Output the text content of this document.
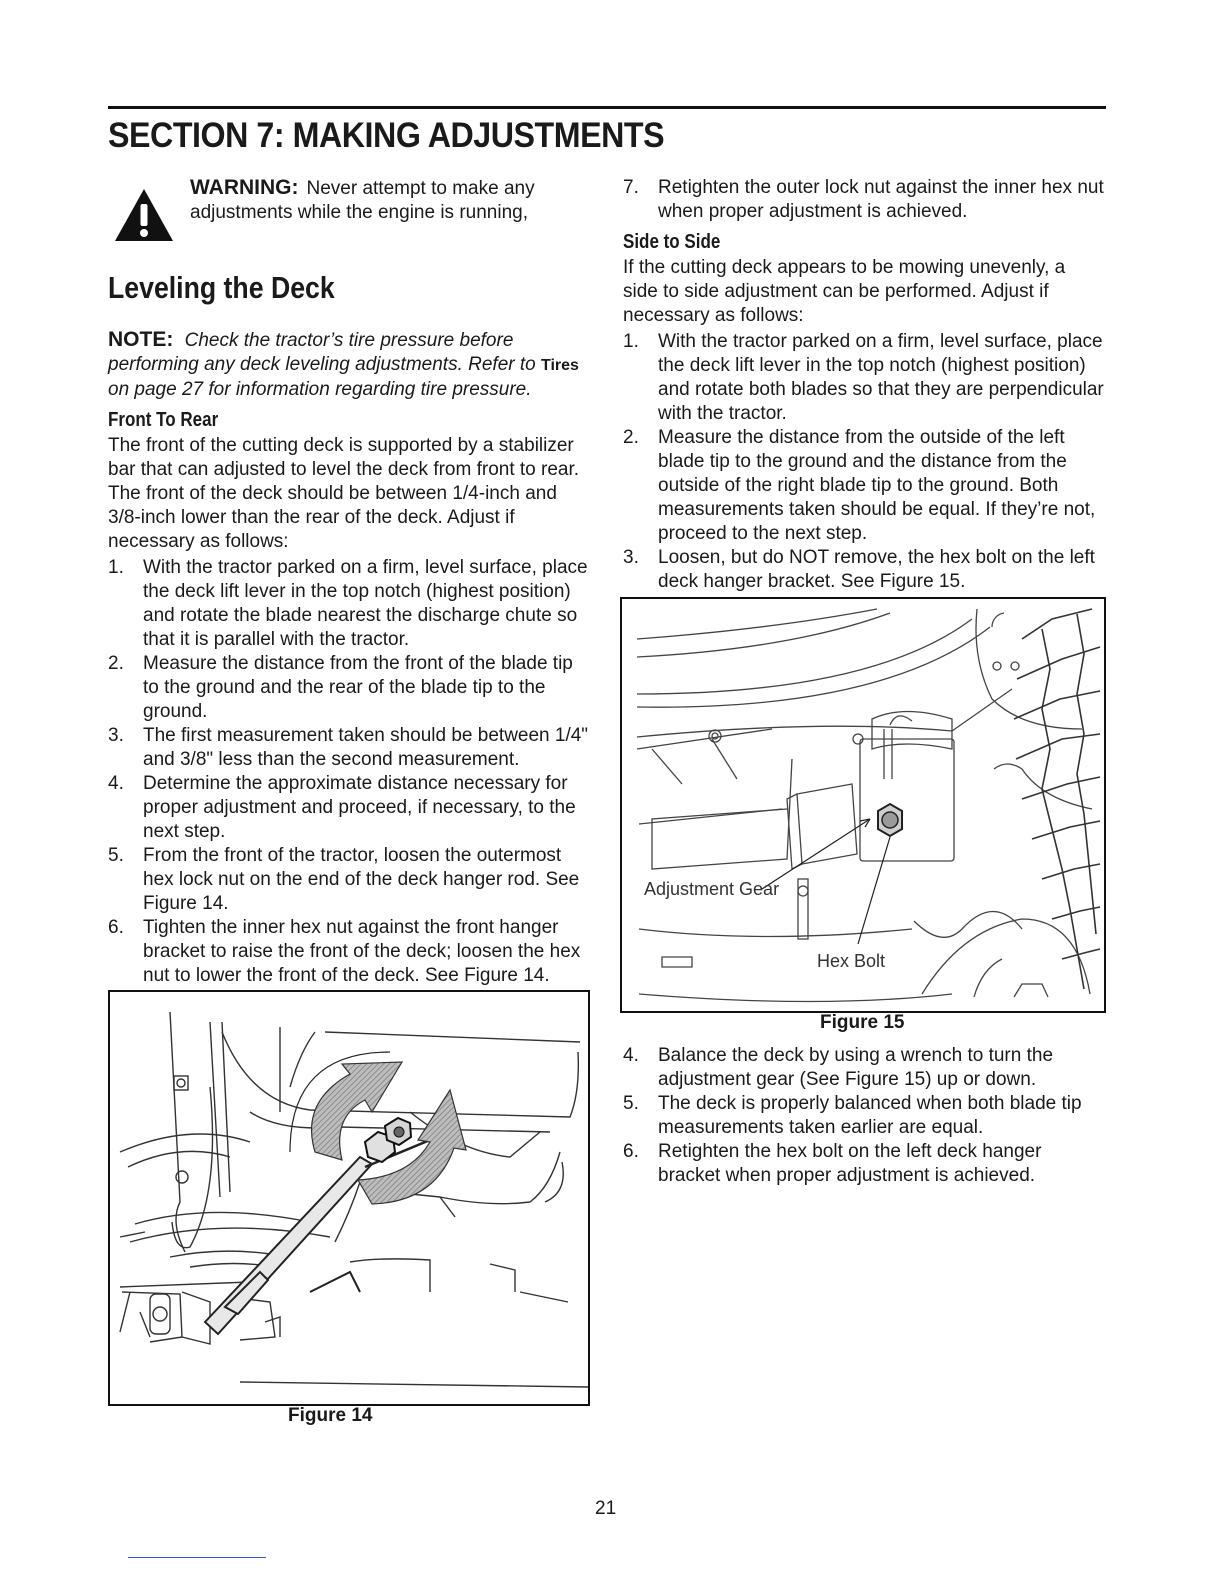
SECTION 7: MAKING ADJUSTMENTS
WARNING: Never attempt to make any adjustments while the engine is running,
Leveling the Deck
NOTE: Check the tractor’s tire pressure before performing any deck leveling adjustments. Refer to Tires on page 27 for information regarding tire pressure.
Front To Rear

The front of the cutting deck is supported by a stabilizer bar that can adjusted to level the deck from front to rear. The front of the deck should be between 1/4-inch and 3/8-inch lower than the rear of the deck. Adjust if necessary as follows:

1. With the tractor parked on a firm, level surface, place the deck lift lever in the top notch (highest position) and rotate the blade nearest the discharge chute so that it is parallel with the tractor.
2. Measure the distance from the front of the blade tip to the ground and the rear of the blade tip to the ground.
3. The first measurement taken should be between 1/4" and 3/8" less than the second measurement.
4. Determine the approximate distance necessary for proper adjustment and proceed, if necessary, to the next step.
5. From the front of the tractor, loosen the outermost hex lock nut on the end of the deck hanger rod. See Figure 14.
6. Tighten the inner hex nut against the front hanger bracket to raise the front of the deck; loosen the hex nut to lower the front of the deck. See Figure 14.
7. Retighten the outer lock nut against the inner hex nut when proper adjustment is achieved.
Side to Side

If the cutting deck appears to be mowing unevenly, a side to side adjustment can be performed. Adjust if necessary as follows:

1. With the tractor parked on a firm, level surface, place the deck lift lever in the top notch (highest position) and rotate both blades so that they are perpendicular with the tractor.
2. Measure the distance from the outside of the left blade tip to the ground and the distance from the outside of the right blade tip to the ground. Both measurements taken should be equal. If they’re not, proceed to the next step.
3. Loosen, but do NOT remove, the hex bolt on the left deck hanger bracket. See Figure 15.
Adjustment Gear
Hex Bolt
Figure 15
4. Balance the deck by using a wrench to turn the adjustment gear (See Figure 15) up or down.
5. The deck is properly balanced when both blade tip measurements taken earlier are equal.
6. Retighten the hex bolt on the left deck hanger bracket when proper adjustment is achieved.
Figure 14
21
